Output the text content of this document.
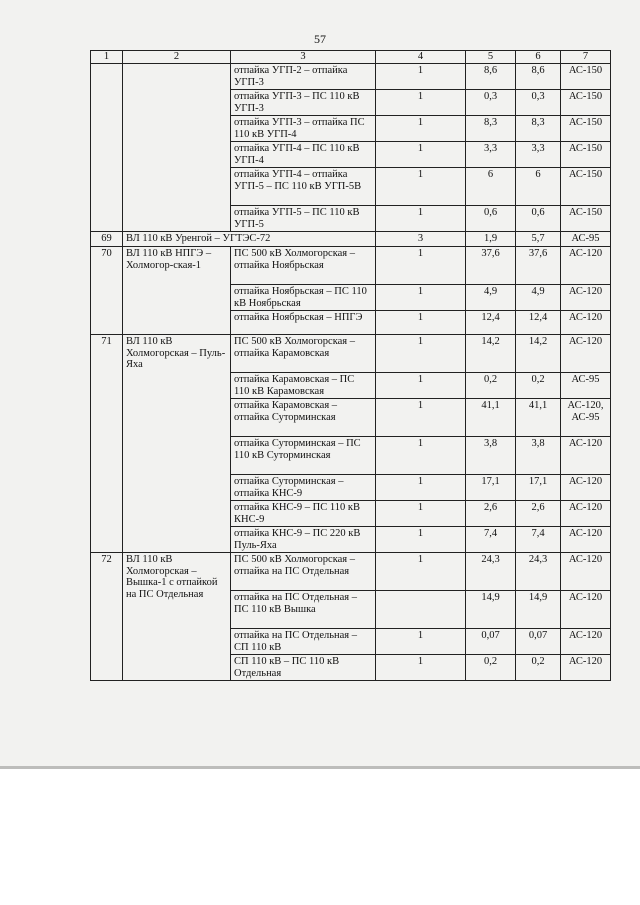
57
1	2	3	4	5	6	7
		отпайка УГП-2 – отпайка УГП-3	1	8,6	8,6	АС-150
		отпайка УГП-3 – ПС 110 кВ УГП-3	1	0,3	0,3	АС-150
		отпайка УГП-3 – отпайка ПС 110 кВ УГП-4	1	8,3	8,3	АС-150
		отпайка УГП-4 – ПС 110 кВ УГП-4	1	3,3	3,3	АС-150
		отпайка УГП-4 – отпайка УГП-5 – ПС 110 кВ УГП-5В	1	6	6	АС-150
		отпайка УГП-5 – ПС 110 кВ УГП-5	1	0,6	0,6	АС-150
69	ВЛ 110 кВ Уренгой – УГТЭС-72		3	1,9	5,7	АС-95
70	ВЛ 110 кВ НПГЭ – Холмогор-ская-1	ПС 500 кВ Холмогорская – отпайка Ноябрьская	1	37,6	37,6	АС-120
		отпайка Ноябрьская – ПС 110 кВ Ноябрьская	1	4,9	4,9	АС-120
		отпайка Ноябрьская – НПГЭ	1	12,4	12,4	АС-120
71	ВЛ 110 кВ Холмогорская – Пуль-Яха	ПС 500 кВ Холмогорская – отпайка Карамовская	1	14,2	14,2	АС-120
		отпайка Карамовская – ПС 110 кВ Карамовская	1	0,2	0,2	АС-95
		отпайка Карамовская – отпайка Суторминская	1	41,1	41,1	АС-120, АС-95
		отпайка Суторминская – ПС 110 кВ Суторминская	1	3,8	3,8	АС-120
		отпайка Суторминская – отпайка КНС-9	1	17,1	17,1	АС-120
		отпайка КНС-9 – ПС 110 кВ КНС-9	1	2,6	2,6	АС-120
		отпайка КНС-9 – ПС 220 кВ Пуль-Яха	1	7,4	7,4	АС-120
72	ВЛ 110 кВ Холмогорская – Вышка-1 с отпайкой на ПС Отдельная	ПС 500 кВ Холмогорская – отпайка на ПС Отдельная	1	24,3	24,3	АС-120
		отпайка на ПС Отдельная – ПС 110 кВ Вышка		14,9	14,9	АС-120
		отпайка на ПС Отдельная – СП 110 кВ	1	0,07	0,07	АС-120
		СП 110 кВ – ПС 110 кВ Отдельная	1	0,2	0,2	АС-120
